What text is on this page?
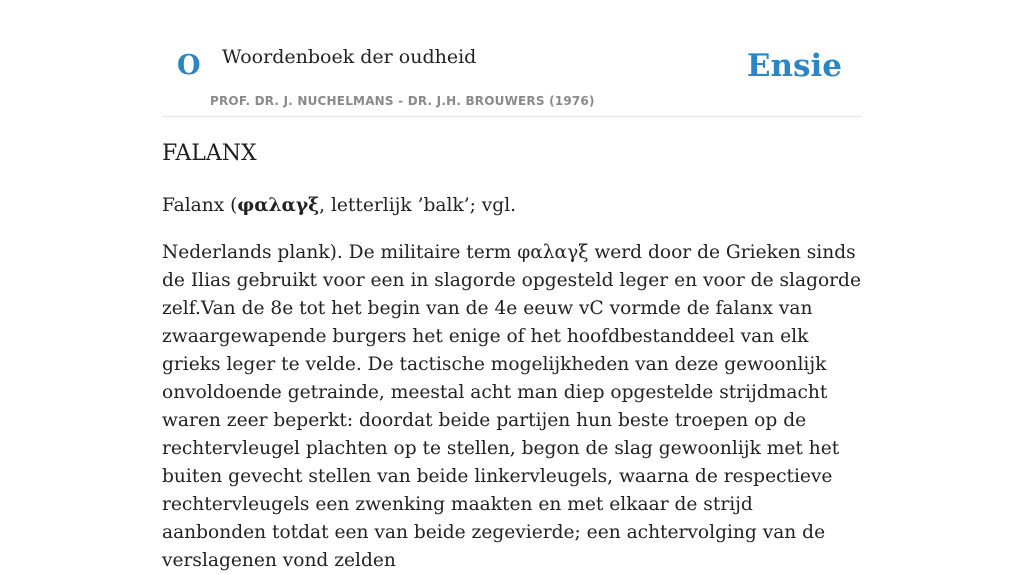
O Woordenboek der oudheid
PROF. DR. J. NUCHELMANS - DR. J.H. BROUWERS (1976)
Ensie
FALANX

Falanx (φαλαγξ, letterlijk ’balk’; vgl.

Nederlands plank). De militaire term φαλαγξ werd door de Grieken sinds de Ilias gebruikt voor een in slagorde opgesteld leger en voor de slagorde zelf.Van de 8e tot het begin van de 4e eeuw vC vormde de falanx van zwaargewapende burgers het enige of het hoofdbestanddeel van elk grieks leger te velde. De tactische mogelijkheden van deze gewoonlijk onvoldoende getrainde, meestal acht man diep opgestelde strijdmacht waren zeer beperkt: doordat beide partijen hun beste troepen op de rechtervleugel plachten op te stellen, begon de slag gewoonlijk met het buiten gevecht stellen van beide linkervleugels, waarna de respectieve rechtervleugels een zwenking maakten en met elkaar de strijd aanbonden totdat een van beide zegevierde; een achtervolging van de verslagenen vond zelden
